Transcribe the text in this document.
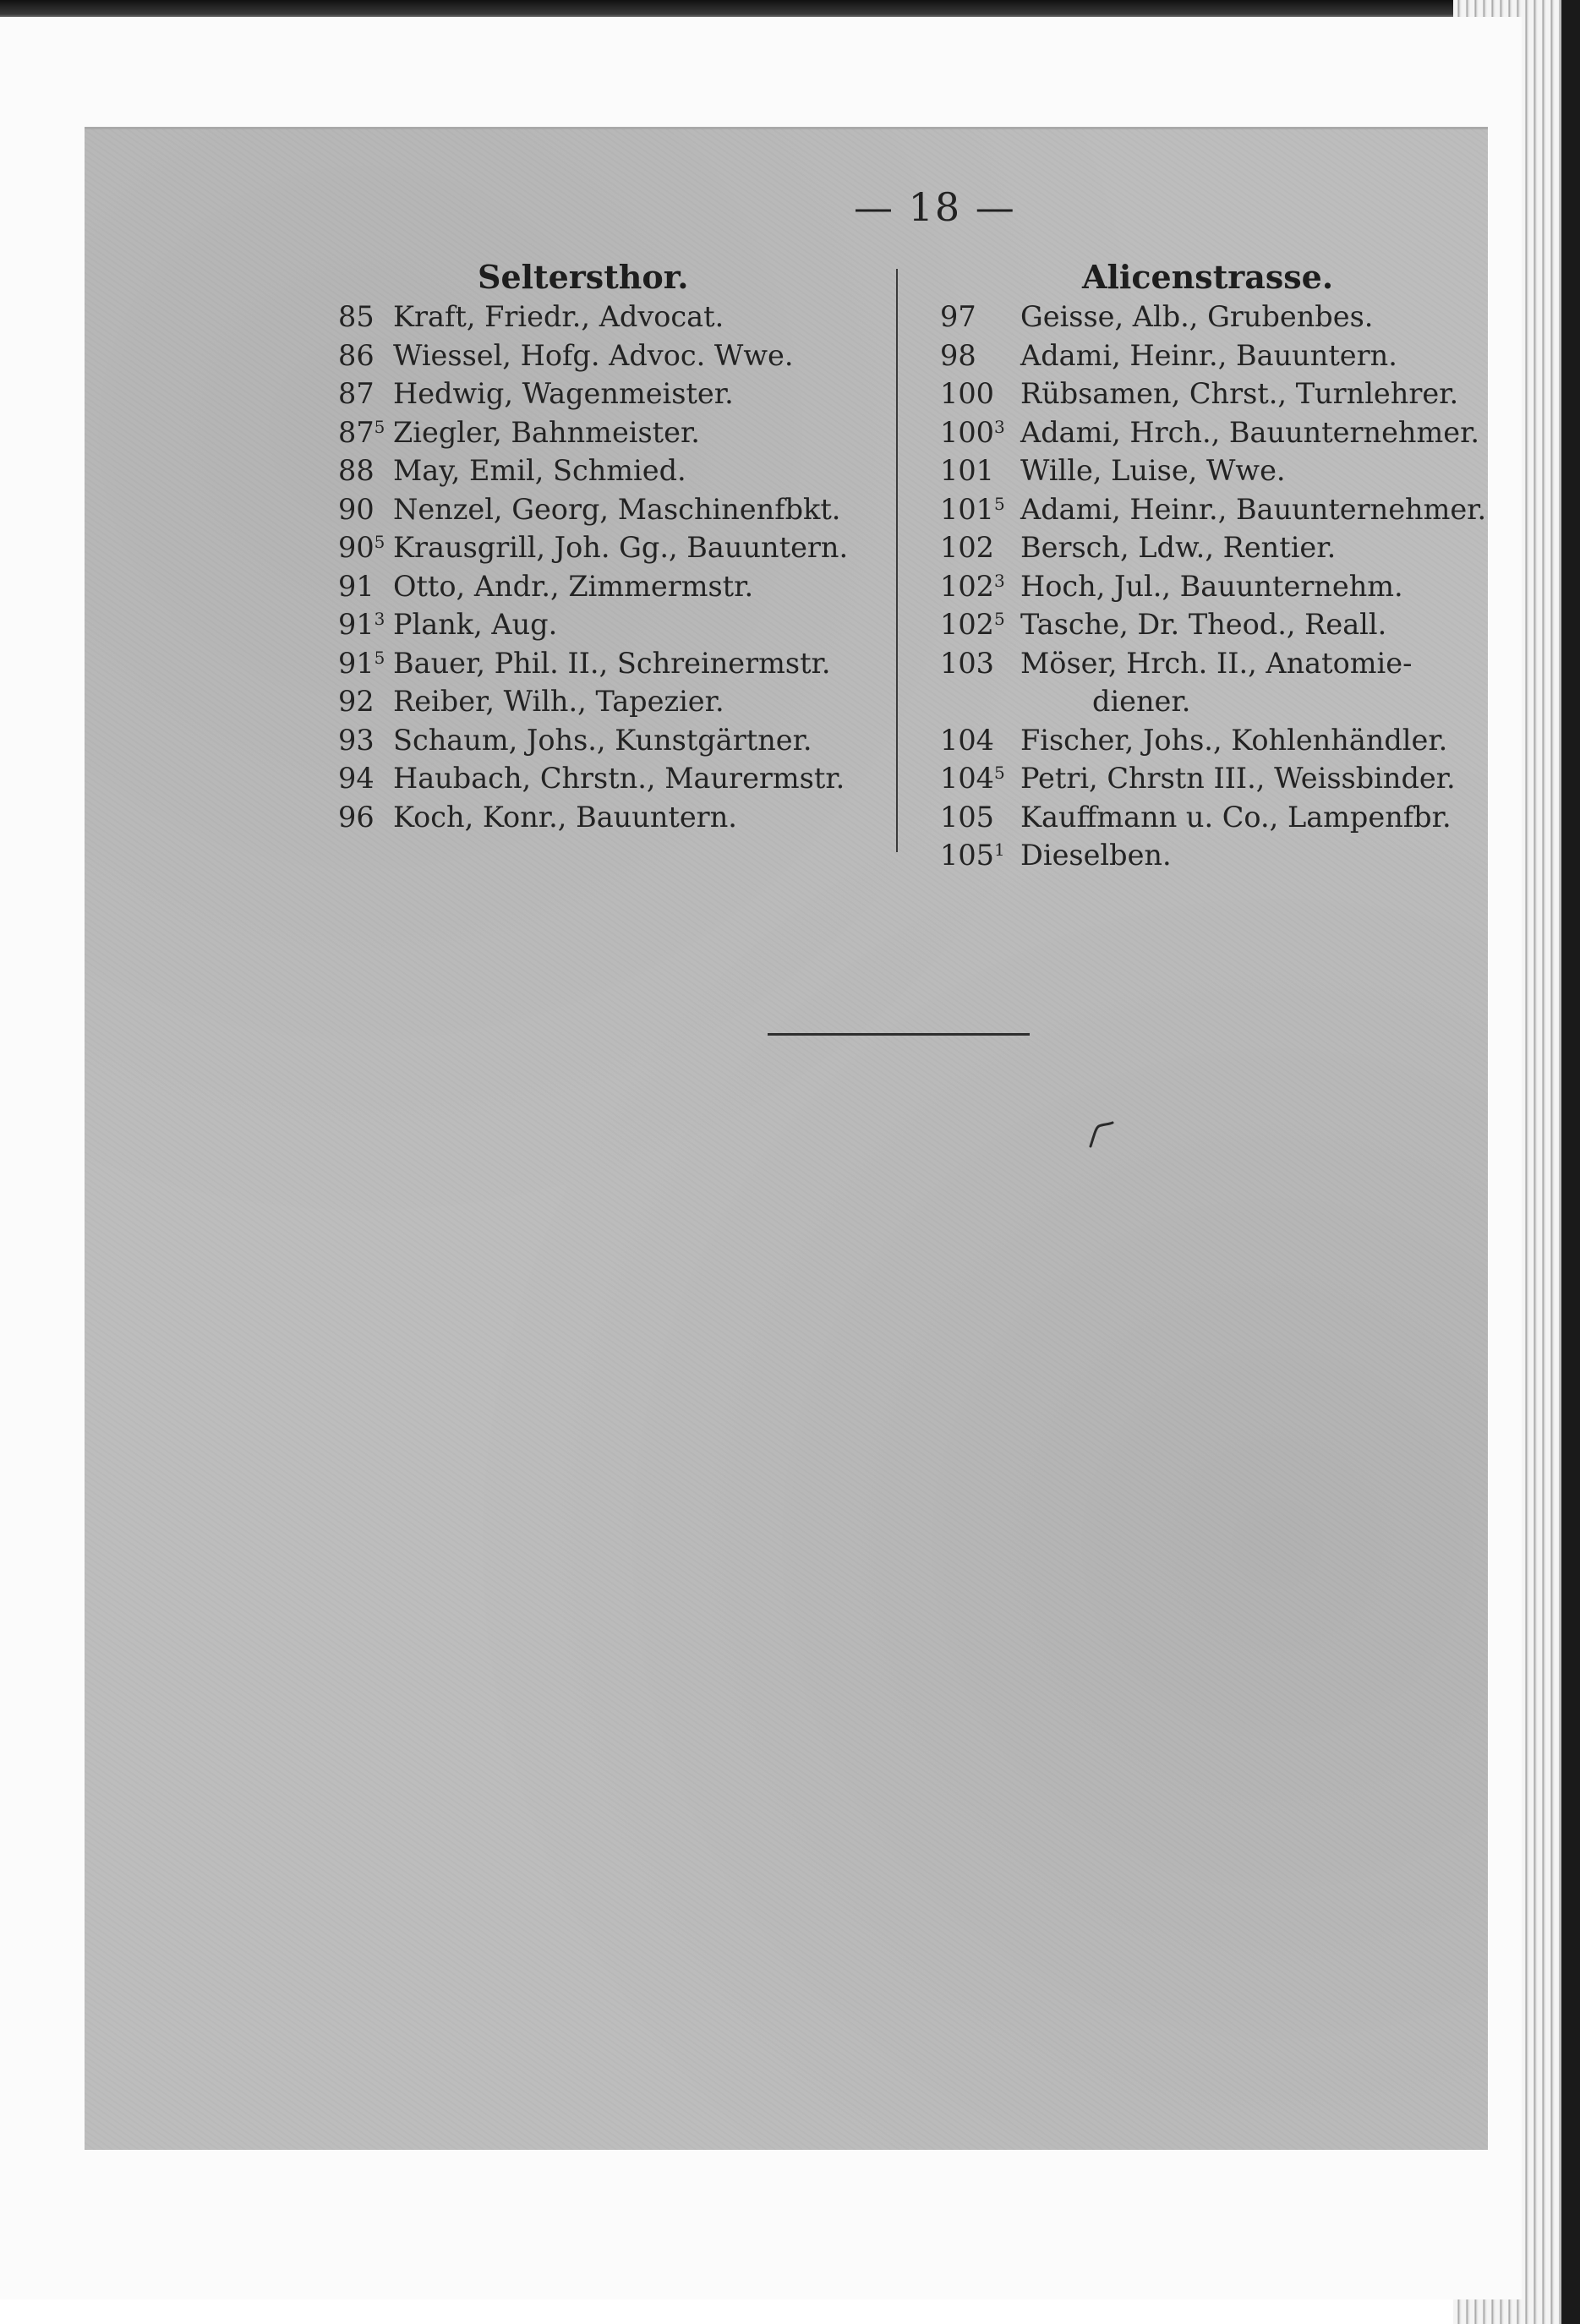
— 18 —
Seltersthor.	Alicenstrasse.
85 Kraft, Friedr., Advocat.
86 Wiessel, Hofg. Advoc. Wwe.
87 Hedwig, Wagenmeister.
$87^5$ Ziegler, Bahnmeister.
88 May, Emil, Schmied.
90 Nenzel, Georg, Maschinenfbkt.
$90^5$ Krausgrill, Joh. Gg., Bauuntern.
91 Otto, Andr., Zimmermstr.
$91^3$ Plank, Aug.
$91^5$ Bauer, Phil. II., Schreinermstr.
92 Reiber, Wilh., Tapezier.
93 Schaum, Johs., Kunstgärtner.
94 Haubach, Chrstn., Maurermstr.
96 Koch, Konr., Bauuntern.
97	Geisse, Alb., Grubenbes.
98	Adami, Heinr., Bauuntern.
100 Rübsamen, Chrst., Turnlehrer.
$100^3$ Adami, Hrch., Bauunternehmer.
101 Wille, Luise, Wwe.
$101^5$ Adami, Heinr., Bauunternehmer.
102 Bersch, Ldw., Rentier.
$102^3$ Hoch, Jul., Bauunternehm.
$102^5$ Tasche, Dr. Theod., Reall.
103 Möser, Hrch. II., Anatomie-
diener.
104 Fischer, Johs., Kohlenhändler.
$104^5$ Petri, Chrstn III., Weissbinder.
105 Kauffmann u. Co., Lampenfbr.
$105^1$ Dieselben.
